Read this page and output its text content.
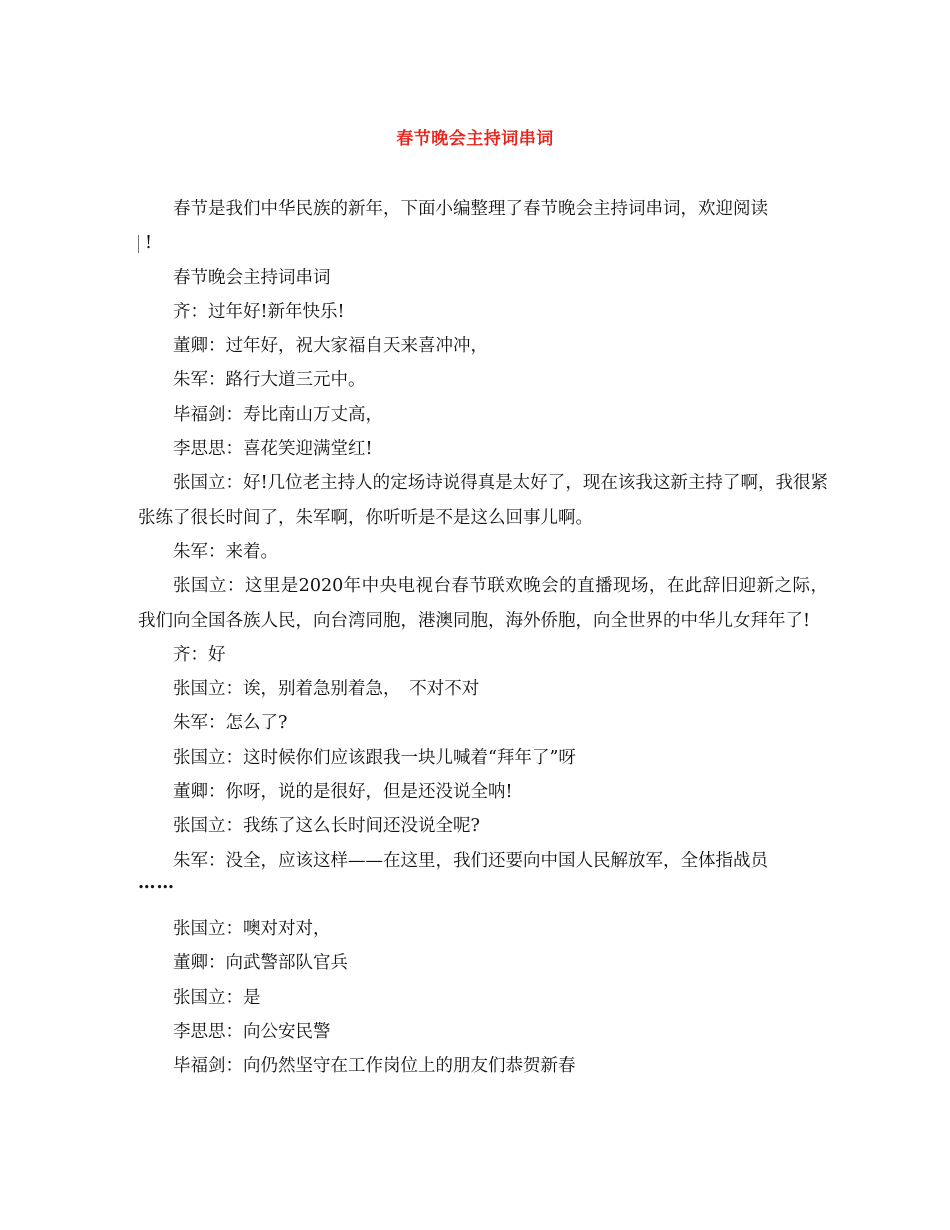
春节晚会主持词串词

春节是我们中华民族的新年，下面小编整理了春节晚会主持词串词，欢迎阅读
!

春节晚会主持词串词

齐：过年好!新年快乐!

董卿：过年好，祝大家福自天来喜冲冲，

朱军：路行大道三元中。

毕福剑：寿比南山万丈高，

李思思：喜花笑迎满堂红!

张国立：好!几位老主持人的定场诗说得真是太好了，现在该我这新主持了啊，我很紧张练了很长时间了，朱军啊，你听听是不是这么回事儿啊。

朱军：来着。

张国立：这里是2020年中央电视台春节联欢晚会的直播现场，在此辞旧迎新之际，我们向全国各族人民，向台湾同胞，港澳同胞，海外侨胞，向全世界的中华儿女拜年了!

齐：好

张国立：诶，别着急别着急，　不对不对

朱军：怎么了?

张国立：这时候你们应该跟我一块儿喊着“拜年了”呀

董卿：你呀，说的是很好，但是还没说全呐!

张国立：我练了这么长时间还没说全呢?

朱军：没全，应该这样——在这里，我们还要向中国人民解放军，全体指战员

……

张国立：噢对对对，

董卿：向武警部队官兵

张国立：是

李思思：向公安民警

毕福剑：向仍然坚守在工作岗位上的朋友们恭贺新春
